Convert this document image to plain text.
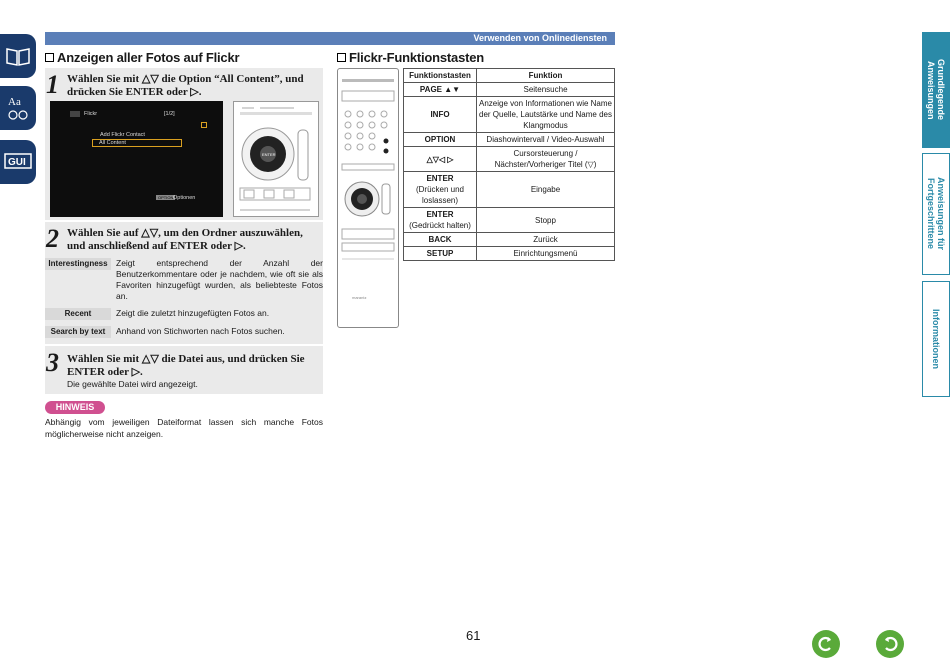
Aa
GUI
Verwenden von Onlinediensten
Anzeigen aller Fotos auf Flickr
1 Wählen Sie mit △▽ die Option “All Content”, und
drücken Sie ENTER oder ▷.
Flickr	[1/2]
Add Flickr Contact
All Content
OPTION Optionen
ENTER
2 Wählen Sie auf △▽, um den Ordner auszuwählen,
und anschließend auf ENTER oder ▷.
Interestingness Zeigt entsprechend der Anzahl der Benutzerkommentare oder je nachdem, wie oft sie als Favoriten hinzugefügt wurden, als beliebteste Fotos an.
Recent	Zeigt die zuletzt hinzugefügten Fotos an.
Search by text	Anhand von Stichworten nach Fotos suchen.
3 Wählen Sie mit △▽ die Datei aus, und drücken Sie
ENTER oder ▷.
Die gewählte Datei wird angezeigt.
HINWEIS
Abhängig vom jeweiligen Dateiformat lassen sich manche Fotos möglicherweise nicht anzeigen.
Flickr-Funktionstasten
marantz
Funktionstasten	Funktion
PAGE ▲▼	Seitensuche
INFO	Anzeige von Informationen wie Name der Quelle, Lautstärke und Name des Klangmodus
OPTION	Diashowintervall / Video-Auswahl
△▽◁ ▷	Cursorsteuerung / Nächster/Vorheriger Titel (▽)

ENTER
(Drücken und loslassen)	Eingabe

ENTER
(Gedrückt halten)	Stopp
BACK	Zurück
SETUP	Einrichtungsmenü
Grundlegende Anweisungen
Anweisungen für Fortgeschrittene
Informationen
61
